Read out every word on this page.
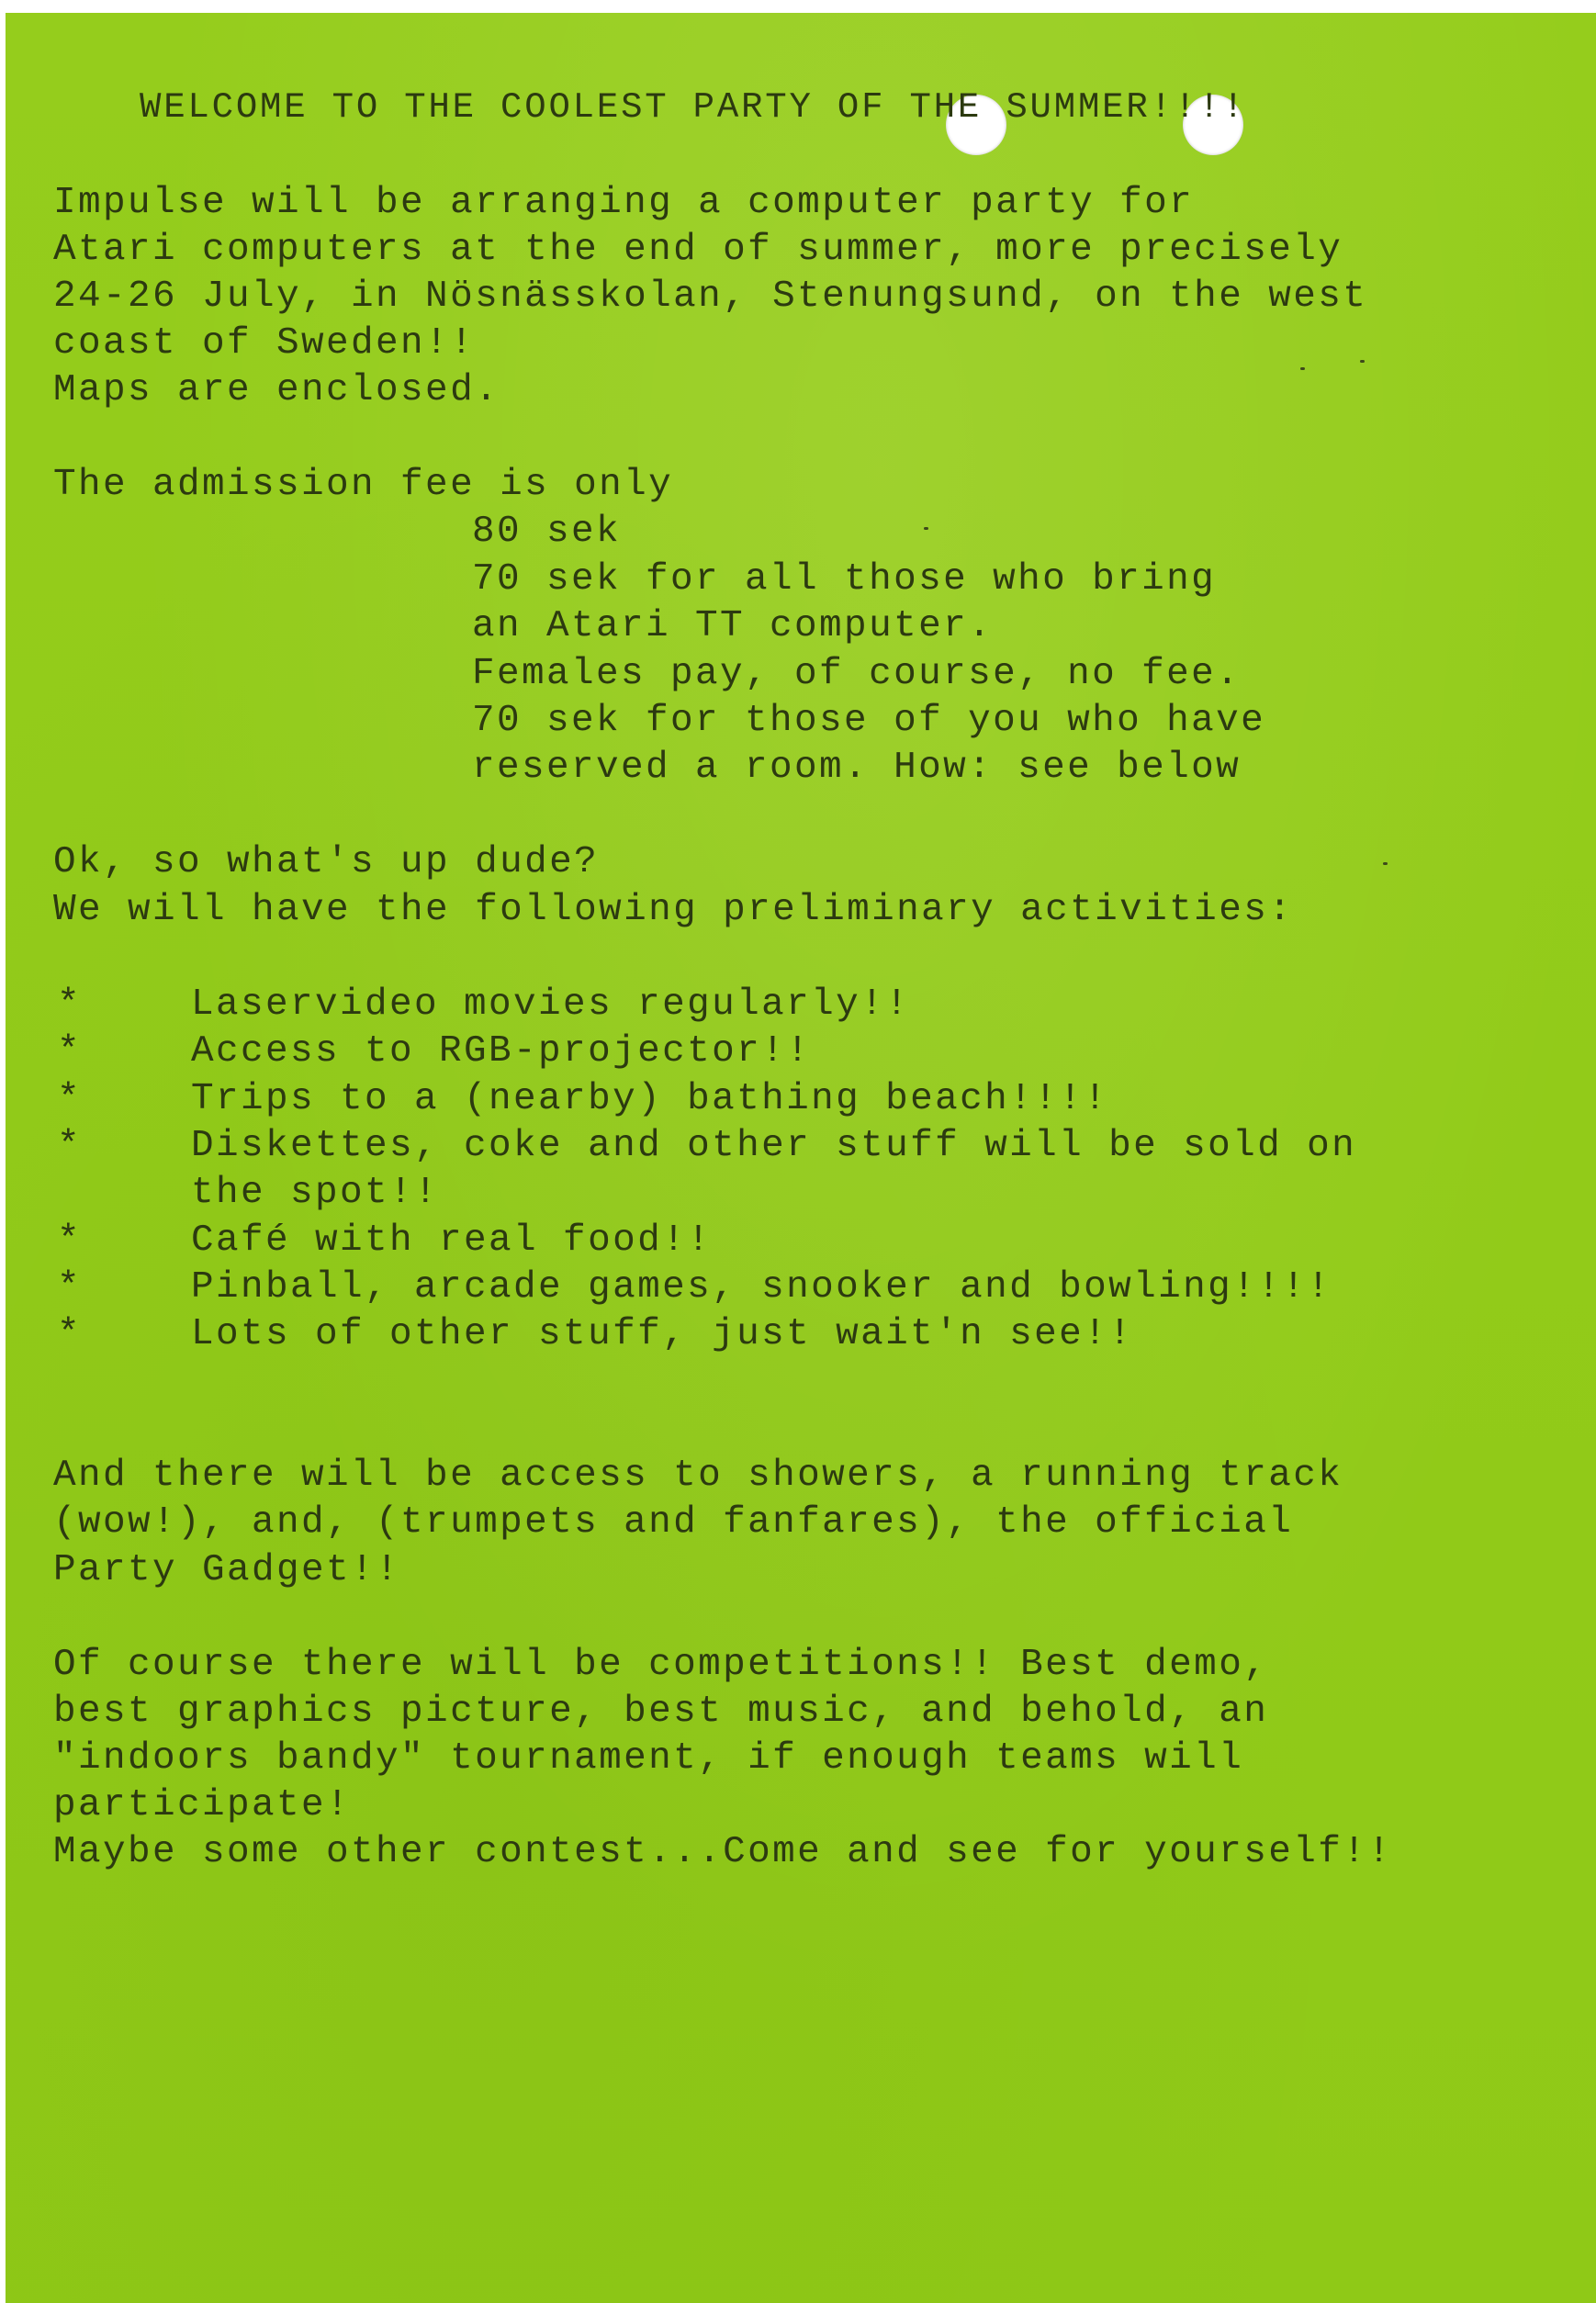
WELCOME TO THE COOLEST PARTY OF THE SUMMER!!!!

Impulse will be arranging a computer party for

Atari computers at the end of summer, more precisely

24-26 July, in Nösnässkolan, Stenungsund, on the west

coast of Sweden!!

Maps are enclosed.

The admission fee is only

80 sek

70 sek for all those who bring

an Atari TT computer.

Females pay, of course, no fee.

70 sek for those of you who have

reserved a room. How: see below

Ok, so what's up dude?

We will have the following preliminary activities:

*	Laservideo movies regularly!!

*	Access to RGB-projector!!

*	Trips to a (nearby) bathing beach!!!!

*	Diskettes, coke and other stuff will be sold on

the spot!!

*	Café with real food!!

*	Pinball, arcade games, snooker and bowling!!!!

*	Lots of other stuff, just wait'n see!!

And there will be access to showers, a running track

(wow!), and, (trumpets and fanfares), the official

Party Gadget!!

Of course there will be competitions!! Best demo,

best graphics picture, best music, and behold, an

"indoors bandy" tournament, if enough teams will

participate!

Maybe some other contest...Come and see for yourself!!
